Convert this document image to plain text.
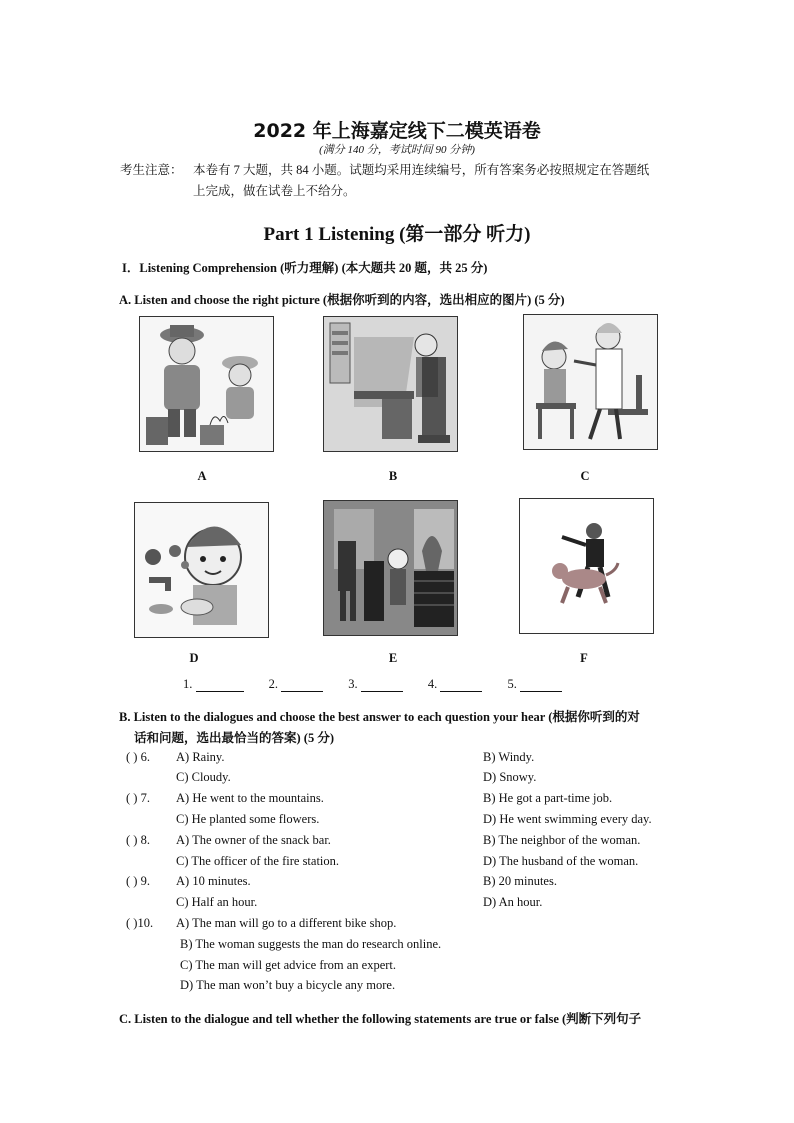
2022 年上海嘉定线下二模英语卷
(满分 140 分，考试时间 90 分钟)
考生注意： 本卷有 7 大题，共 84 小题。试题均采用连续编号，所有答案务必按照规定在答题纸
上完成，做在试卷上不给分。
Part 1 Listening (第一部分 听力)
I．Listening Comprehension (听力理解) (本大题共 20 题，共 25 分)
A. Listen and choose the right picture (根据你听到的内容，选出相应的图片) (5 分)
A	B	C
D	E	F
1.	2.	3.	4.	5.
B. Listen to the dialogues and choose the best answer to each question your hear (根据你听到的对
话和问题，选出最恰当的答案) (5 分)
( ) 6. A) Rainy.	B) Windy.
C) Cloudy.	D) Snowy.
( ) 7. A) He went to the mountains.	B) He got a part-time job.
C) He planted some flowers.	D) He went swimming every day.
( ) 8. A) The owner of the snack bar.	B) The neighbor of the woman.
C) The officer of the fire station.	D) The husband of the woman.
( ) 9. A) 10 minutes.	B) 20 minutes.
C) Half an hour.	D) An hour.
( )10. A) The man will go to a different bike shop.
B) The woman suggests the man do research online.
C) The man will get advice from an expert.
D) The man won’t buy a bicycle any more.
C. Listen to the dialogue and tell whether the following statements are true or false (判断下列句子
